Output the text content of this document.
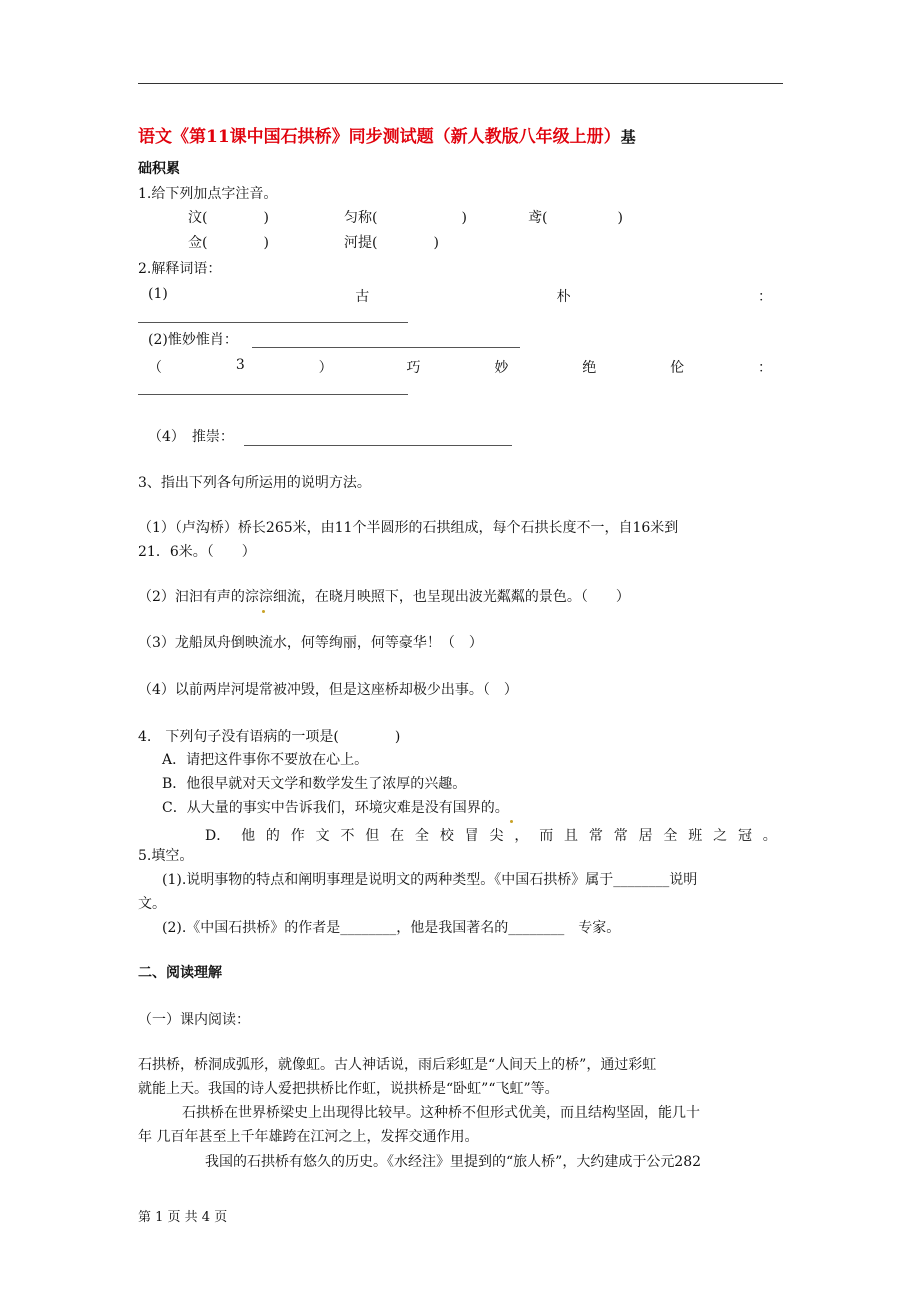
语文《第11课中国石拱桥》同步测试题（新人教版八年级上册）基
础积累
1.给下列加点字注音。
汶(　　　　)	匀称(　　　　　　)	鸢(　　　　　)
佥(　　　　)	河提(　　　　)
2.解释词语：
(1)	古	朴	：
(2)惟妙惟肖：
（	3	）	巧	妙	绝	伦	：
（4）　推崇：
3、指出下列各句所运用的说明方法。
（1）（卢沟桥）桥长265米，由11个半圆形的石拱组成，每个石拱长度不一，自16米到
21．6米。（　　）
（2）汩汩有声的淙淙细流，在晓月映照下，也呈现出波光粼粼的景色。（　　）
（3）龙船凤舟倒映流水，何等绚丽，何等豪华！（　）
（4）以前两岸河堤常被冲毁，但是这座桥却极少出事。（　）
4.　下列句子没有语病的一项是(　　　　)
A．请把这件事你不要放在心上。
B．他很早就对天文学和数学发生了浓厚的兴趣。
C．从大量的事实中告诉我们，环境灾难是没有国界的。
D． 他 的 作 文 不 但 在 全 校 冒 尖 ， 而 且 常 常 居 全 班 之 冠 。
5.填空。
(1).说明事物的特点和阐明事理是说明文的两种类型。《中国石拱桥》属于________说明
文。
(2).《中国石拱桥》的作者是________，他是我国著名的________　专家。
二、阅读理解
（一）课内阅读：
石拱桥，桥洞成弧形，就像虹。古人神话说，雨后彩虹是“人间天上的桥”，通过彩虹
就能上天。我国的诗人爱把拱桥比作虹，说拱桥是“卧虹”“飞虹”等。
石拱桥在世界桥梁史上出现得比较早。这种桥不但形式优美，而且结构坚固，能几十
年 几百年甚至上千年雄跨在江河之上，发挥交通作用。
我国的石拱桥有悠久的历史。《水经注》里提到的“旅人桥”，大约建成于公元282
第 1 页 共 4 页
